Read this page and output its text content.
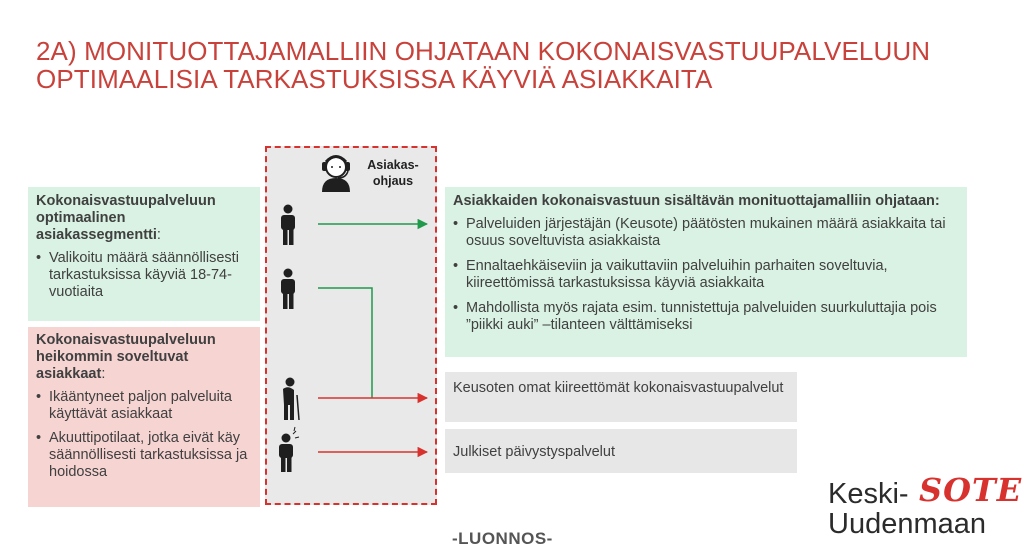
2A) MONITUOTTAJAMALLIIN OHJATAAN KOKONAISVASTUUPALVELUUN
OPTIMAALISIA TARKASTUKSISSA KÄYVIÄ ASIAKKAITA
Kokonaisvastuupalveluun
optimaalinen
asiakassegmentti:
• Valikoitu määrä säännöllisesti tarkastuksissa käyviä 18-74-vuotiaita
Kokonaisvastuupalveluun
heikommin soveltuvat
asiakkaat:
• Ikääntyneet paljon palveluita käyttävät asiakkaat
• Akuuttipotilaat, jotka eivät käy säännöllisesti tarkastuksissa ja hoidossa
Asiakas-
ohjaus
Asiakkaiden kokonaisvastuun sisältävän monituottajamalliin ohjataan:
• Palveluiden järjestäjän (Keusote) päätösten mukainen määrä asiakkaita tai osuus soveltuvista asiakkaista
• Ennaltaehkäiseviin ja vaikuttaviin palveluihin parhaiten soveltuvia, kiireettömissä tarkastuksissa käyviä asiakkaita
• Mahdollista myös rajata esim. tunnistettuja palveluiden suurkuluttajia pois ”piikki auki” –tilanteen välttämiseksi
Keusoten omat kiireettömät kokonaisvastuupalvelut
Julkiset päivystyspalvelut
-LUONNOS-
Keski- SOTE
Uudenmaan
